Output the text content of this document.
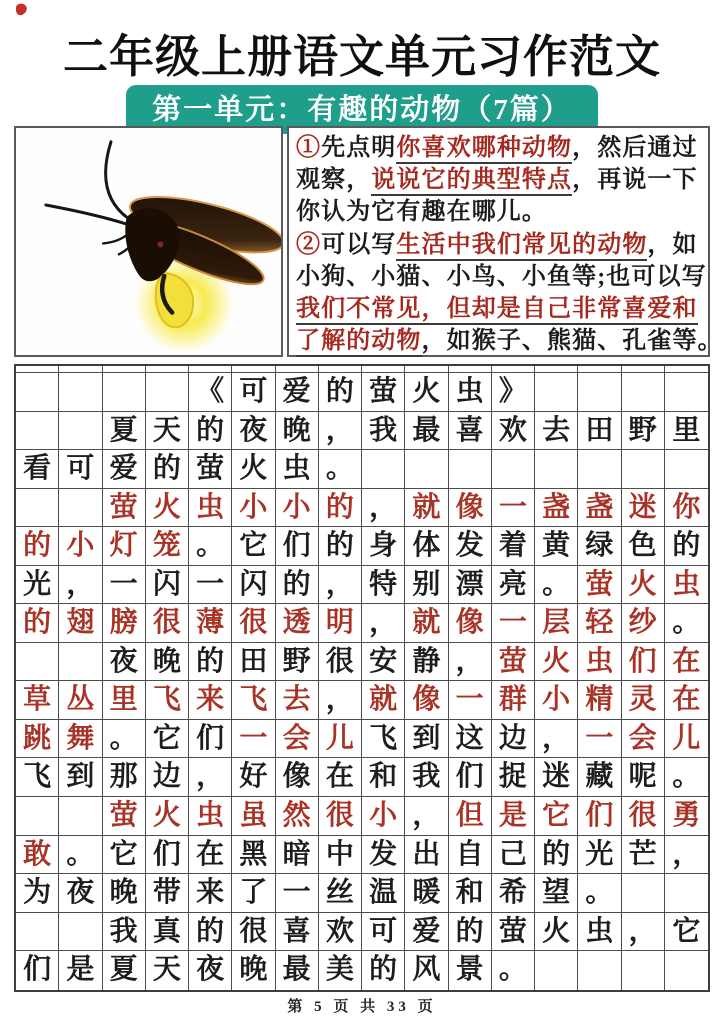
二年级上册语文单元习作范文
第一单元：有趣的动物（7篇）
①先点明你喜欢哪种动物，然后通过
观察，说说它的典型特点，再说一下
你认为它有趣在哪儿。
②可以写生活中我们常见的动物，如
小狗、小猫、小鸟、小鱼等;也可以写
我们不常见，但却是自己非常喜爱和
了解的动物，如猴子、熊猫、孔雀等。
《 可 爱 的 萤 火 虫 》
夏 天 的 夜 晚 ， 我 最 喜 欢 去 田 野 里
看 可 爱 的 萤 火 虫 。
萤 火 虫 小 小 的 ， 就 像 一 盏 盏 迷 你
的 小 灯 笼 。 它 们 的 身 体 发 着 黄 绿 色 的
光 ， 一 闪 一 闪 的 ， 特 别 漂 亮 。 萤 火 虫
的 翅 膀 很 薄 很 透 明 ， 就 像 一 层 轻 纱 。
夜 晚 的 田 野 很 安 静 ， 萤 火 虫 们 在
草 丛 里 飞 来 飞 去 ， 就 像 一 群 小 精 灵 在
跳 舞 。 它 们 一 会 儿 飞 到 这 边 ， 一 会 儿
飞 到 那 边 ， 好 像 在 和 我 们 捉 迷 藏 呢 。
萤 火 虫 虽 然 很 小 ， 但 是 它 们 很 勇
敢 。 它 们 在 黑 暗 中 发 出 自 己 的 光 芒 ，
为 夜 晚 带 来 了 一 丝 温 暖 和 希 望 。
我 真 的 很 喜 欢 可 爱 的 萤 火 虫 ， 它
们 是 夏 天 夜 晚 最 美 的 风 景 。
第 5 页 共 33 页
